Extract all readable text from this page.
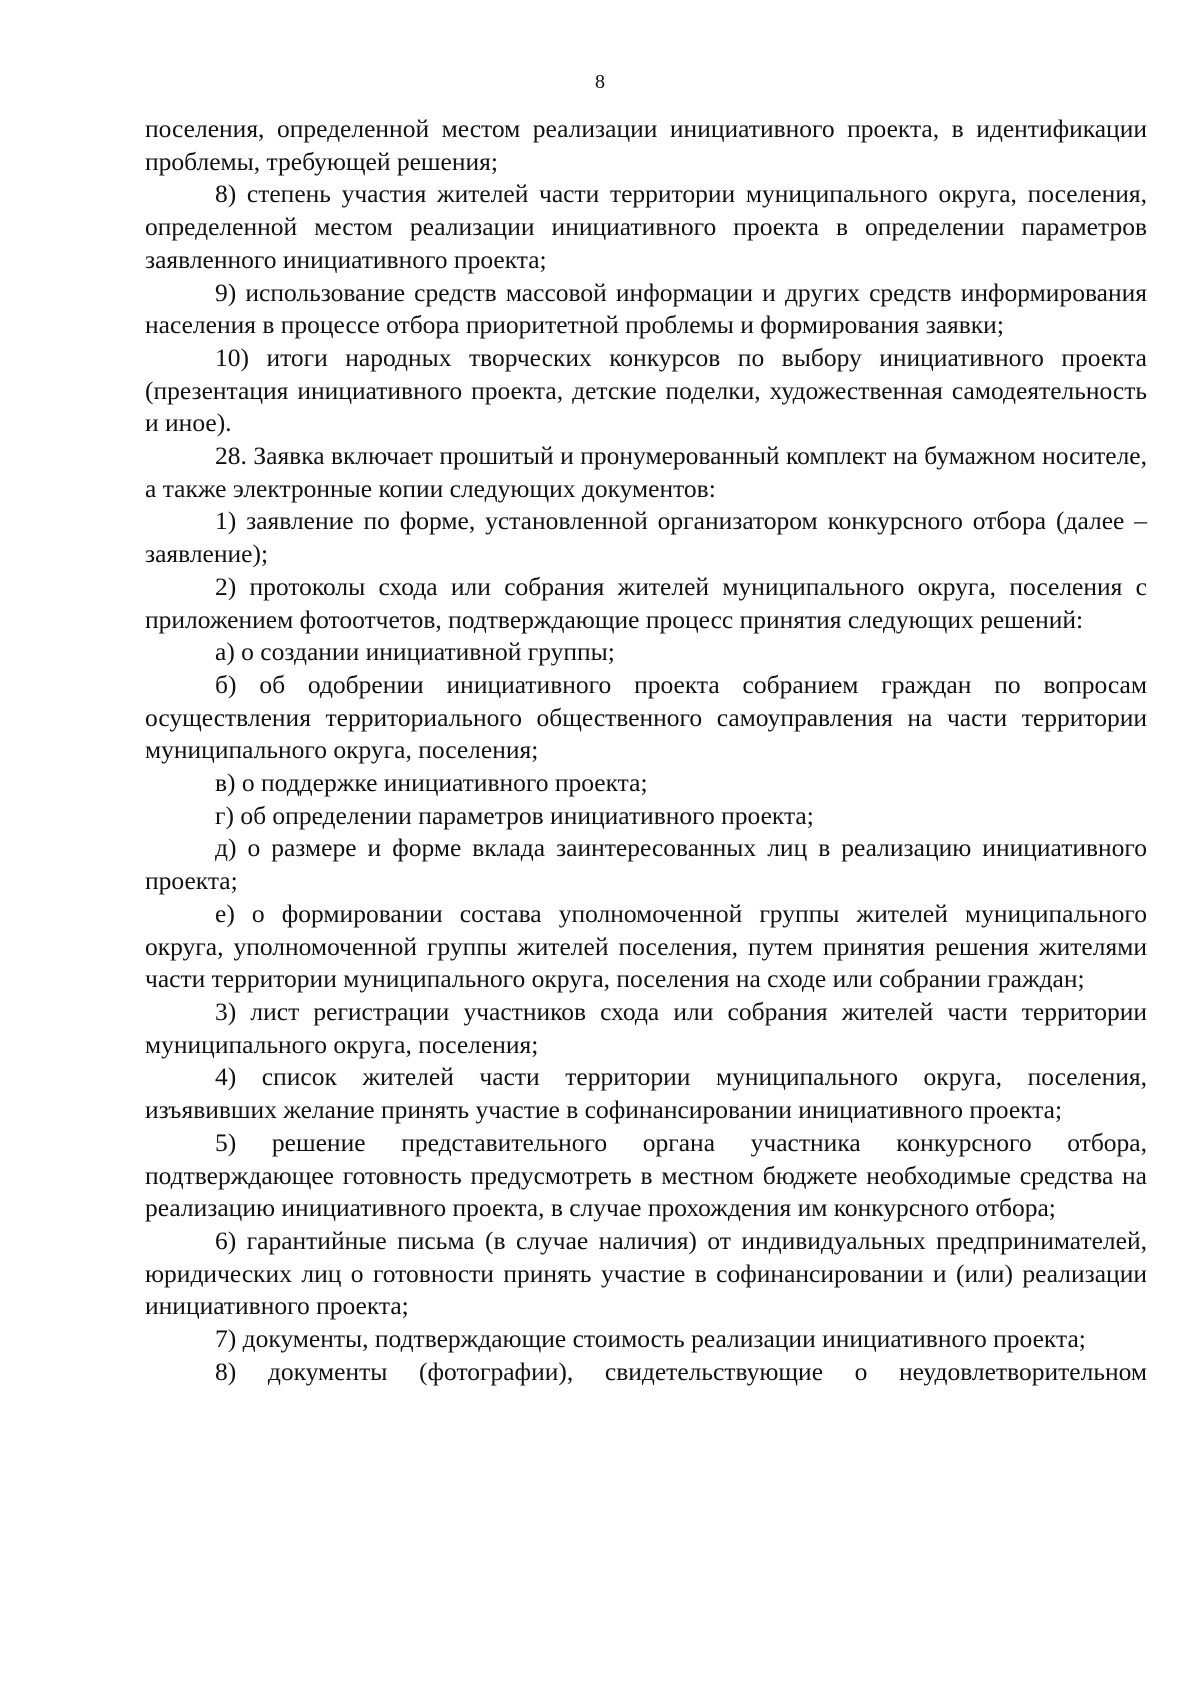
8

поселения, определенной местом реализации инициативного проекта, в идентификации проблемы, требующей решения;

8) степень участия жителей части территории муниципального округа, поселения, определенной местом реализации инициативного проекта в определении параметров заявленного инициативного проекта;

9) использование средств массовой информации и других средств информирования населения в процессе отбора приоритетной проблемы и формирования заявки;

10) итоги народных творческих конкурсов по выбору инициативного проекта (презентация инициативного проекта, детские поделки, художественная самодеятельность и иное).

28. Заявка включает прошитый и пронумерованный комплект на бумажном носителе, а также электронные копии следующих документов:

1) заявление по форме, установленной организатором конкурсного отбора (далее – заявление);

2) протоколы схода или собрания жителей муниципального округа, поселения с приложением фотоотчетов, подтверждающие процесс принятия следующих решений:

а) о создании инициативной группы;

б) об одобрении инициативного проекта собранием граждан по вопросам осуществления территориального общественного самоуправления на части территории муниципального округа, поселения;

в) о поддержке инициативного проекта;

г) об определении параметров инициативного проекта;

д) о размере и форме вклада заинтересованных лиц в реализацию инициативного проекта;

е) о формировании состава уполномоченной группы жителей муниципального округа, уполномоченной группы жителей поселения, путем принятия решения жителями части территории муниципального округа, поселения на сходе или собрании граждан;

3) лист регистрации участников схода или собрания жителей части территории муниципального округа, поселения;

4) список жителей части территории муниципального округа, поселения, изъявивших желание принять участие в софинансировании инициативного проекта;

5) решение представительного органа участника конкурсного отбора, подтверждающее готовность предусмотреть в местном бюджете необходимые средства на реализацию инициативного проекта, в случае прохождения им конкурсного отбора;

6) гарантийные письма (в случае наличия) от индивидуальных предпринимателей, юридических лиц о готовности принять участие в софинансировании и (или) реализации инициативного проекта;

7) документы, подтверждающие стоимость реализации инициативного проекта;

8) документы (фотографии), свидетельствующие о неудовлетворительном
